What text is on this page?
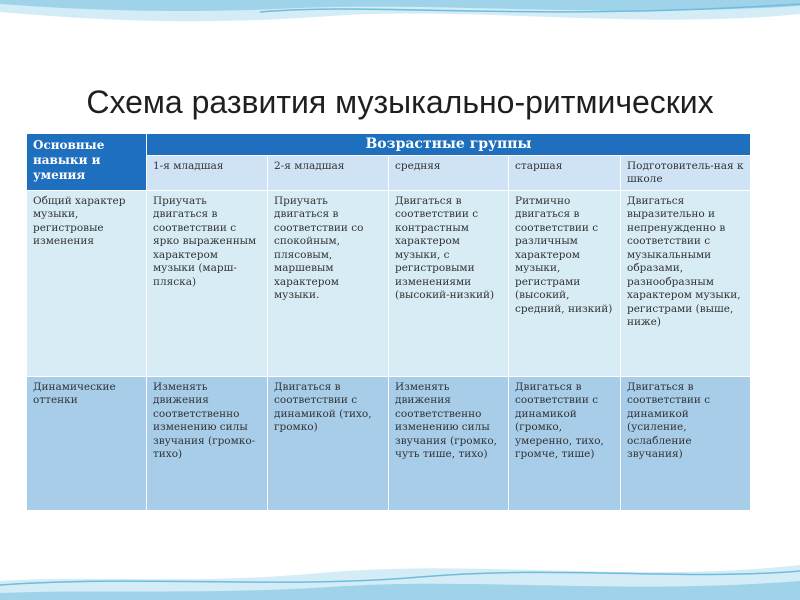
Схема развития музыкально-ритмических
Основные навыки и умения	Возрастные группы				
	1-я младшая	2-я младшая	средняя	старшая	Подготовитель-ная к школе
Общий характер музыки, регистровые изменения	Приучать двигаться в соответствии с ярко выраженным характером музыки (марш-пляска)	Приучать двигаться в соответствии со спокойным, плясовым, маршевым характером музыки.	Двигаться в соответствии с контрастным характером музыки, с регистровыми изменениями (высокий-низкий)	Ритмично двигаться в соответствии с различным характером музыки, регистрами (высокий, средний, низкий)	Двигаться выразительно и непренужденно в соответствии с музыкальными образами, разнообразным характером музыки, регистрами (выше, ниже)
Динамические оттенки	Изменять движения соответственно изменению силы звучания (громко-тихо)	Двигаться в соответствии с динамикой (тихо, громко)	Изменять движения соответственно изменению силы звучания (громко, чуть тише, тихо)	Двигаться в соответствии с динамикой (громко, умеренно, тихо, громче, тише)	Двигаться в соответствии с динамикой (усиление, ослабление звучания)
